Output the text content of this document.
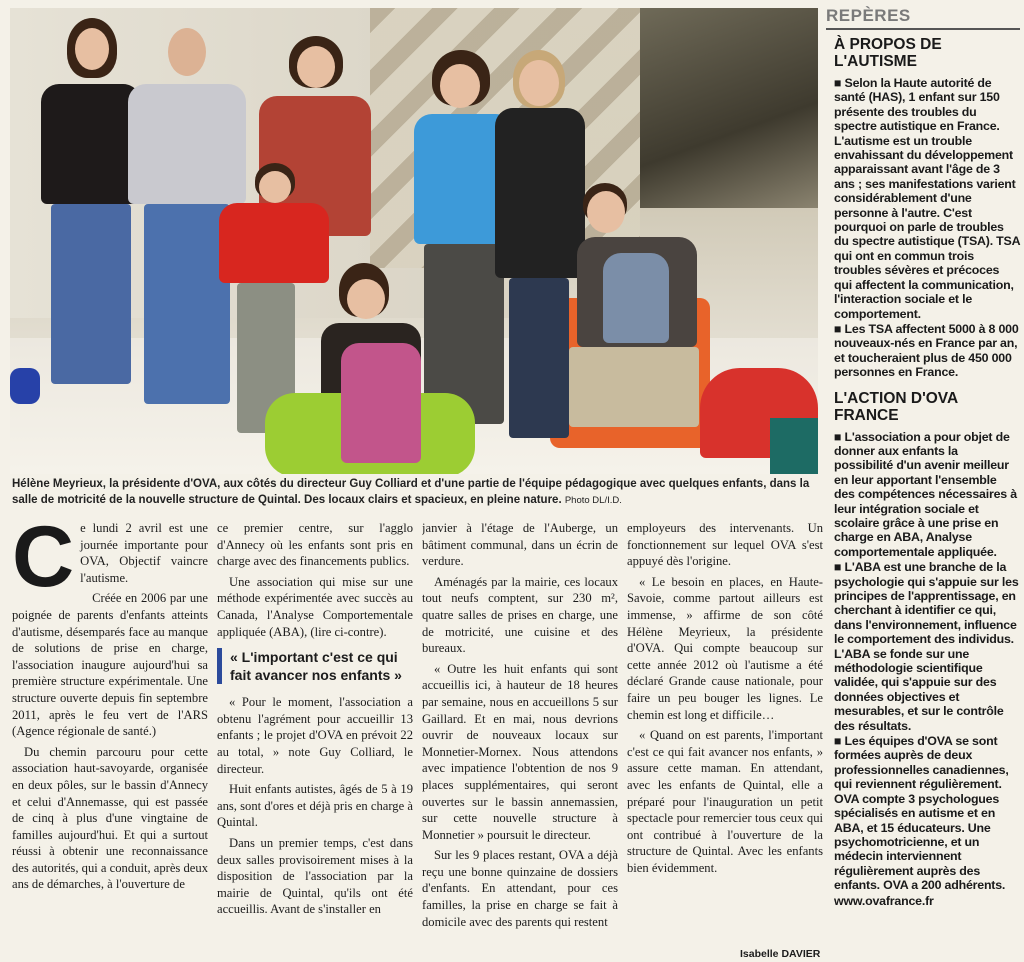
Hélène Meyrieux, la présidente d'OVA, aux côtés du directeur Guy Colliard et d'une partie de l'équipe pédagogique avec quelques enfants, dans la salle de motricité de la nouvelle structure de Quintal. Des locaux clairs et spacieux, en pleine nature. Photo DL/I.D.

Ce lundi 2 avril est une journée importante pour OVA, Objectif vaincre l'autisme.

Créée en 2006 par une poignée de parents d'enfants atteints d'autisme, désemparés face au manque de solutions de prise en charge, l'association inaugure aujourd'hui sa première structure expérimentale. Une structure ouverte depuis fin septembre 2011, après le feu vert de l'ARS (Agence régionale de santé.)

Du chemin parcouru pour cette association haut-savoyarde, organisée en deux pôles, sur le bassin d'Annecy et celui d'Annemasse, qui est passée de cinq à plus d'une vingtaine de familles aujourd'hui. Et qui a surtout réussi à obtenir une reconnaissance des autorités, qui a conduit, après deux ans de démarches, à l'ouverture de

ce premier centre, sur l'agglo d'Annecy où les enfants sont pris en charge avec des financements publics.

Une association qui mise sur une méthode expérimentée avec succès au Canada, l'Analyse Comportementale appliquée (ABA), (lire ci-contre).

« L'important c'est ce qui fait avancer nos enfants »

« Pour le moment, l'association a obtenu l'agrément pour accueillir 13 enfants ; le projet d'OVA en prévoit 22 au total, » note Guy Colliard, le directeur.

Huit enfants autistes, âgés de 5 à 19 ans, sont d'ores et déjà pris en charge à Quintal.

Dans un premier temps, c'est dans deux salles provisoirement mises à la disposition de l'association par la mairie de Quintal, qu'ils ont été accueillis. Avant de s'installer en

janvier à l'étage de l'Auberge, un bâtiment communal, dans un écrin de verdure.

Aménagés par la mairie, ces locaux tout neufs comptent, sur 230 m², quatre salles de prises en charge, une de motricité, une cuisine et des bureaux.

« Outre les huit enfants qui sont accueillis ici, à hauteur de 18 heures par semaine, nous en accueillons 5 sur Gaillard. Et en mai, nous devrions ouvrir de nouveaux locaux sur Monnetier-Mornex. Nous attendons avec impatience l'obtention de nos 9 places supplémentaires, qui seront ouvertes sur le bassin annemassien, sur cette nouvelle structure à Monnetier » poursuit le directeur.

Sur les 9 places restant, OVA a déjà reçu une bonne quinzaine de dossiers d'enfants. En attendant, pour ces familles, la prise en charge se fait à domicile avec des parents qui restent

employeurs des intervenants. Un fonctionnement sur lequel OVA s'est appuyé dès l'origine.

« Le besoin en places, en Haute-Savoie, comme partout ailleurs est immense, » affirme de son côté Hélène Meyrieux, la présidente d'OVA. Qui compte beaucoup sur cette année 2012 où l'autisme a été déclaré Grande cause nationale, pour faire un peu bouger les lignes. Le chemin est long et difficile…

« Quand on est parents, l'important c'est ce qui fait avancer nos enfants, » assure cette maman. En attendant, avec les enfants de Quintal, elle a préparé pour l'inauguration un petit spectacle pour remercier tous ceux qui ont contribué à l'ouverture de la structure de Quintal. Avec les enfants bien évidemment.

Isabelle DAVIER
REPÈRES
À PROPOS DE L'AUTISME

■ Selon la Haute autorité de santé (HAS), 1 enfant sur 150 présente des troubles du spectre autistique en France. L'autisme est un trouble envahissant du développement apparaissant avant l'âge de 3 ans ; ses manifestations varient considérablement d'une personne à l'autre. C'est pourquoi on parle de troubles du spectre autistique (TSA). TSA qui ont en commun trois troubles sévères et précoces qui affectent la communication, l'interaction sociale et le comportement.

■ Les TSA affectent 5000 à 8 000 nouveaux-nés en France par an, et toucheraient plus de 450 000 personnes en France.

L'ACTION D'OVA FRANCE

■ L'association a pour objet de donner aux enfants la possibilité d'un avenir meilleur en leur apportant l'ensemble des compétences nécessaires à leur intégration sociale et scolaire grâce à une prise en charge en ABA, Analyse comportementale appliquée.

■ L'ABA est une branche de la psychologie qui s'appuie sur les principes de l'apprentissage, en cherchant à identifier ce qui, dans l'environnement, influence le comportement des individus. L'ABA se fonde sur une méthodologie scientifique validée, qui s'appuie sur des données objectives et mesurables, et sur le contrôle des résultats.

■ Les équipes d'OVA se sont formées auprès de deux professionnelles canadiennes, qui reviennent régulièrement. OVA compte 3 psychologues spécialisés en autisme et en ABA, et 15 éducateurs. Une psychomotricienne, et un médecin interviennent régulièrement auprès des enfants. OVA a 200 adhérents.

www.ovafrance.fr
